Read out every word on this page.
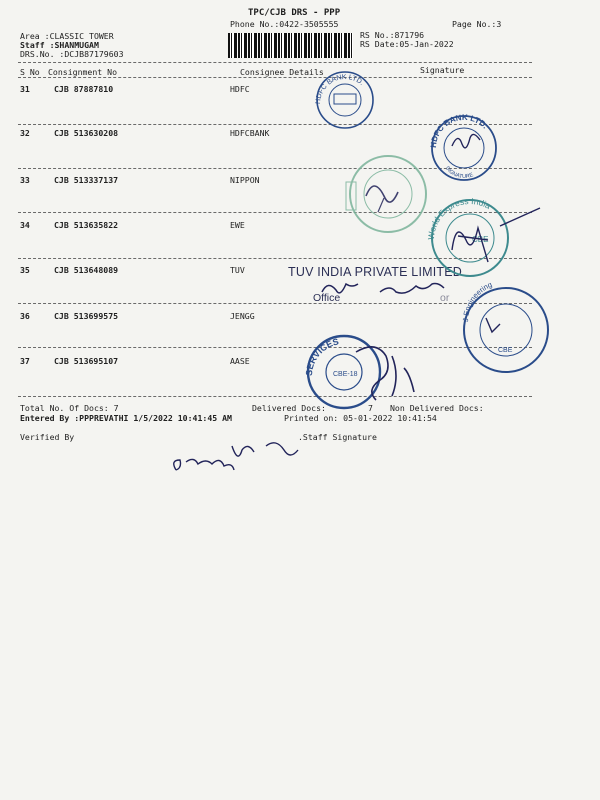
TPC/CJB DRS - PPP
Phone No.:0422-3505555	Page No.:3
Area :CLASSIC TOWER
Staff :SHANMUGAM
DRS.No. :DCJB87179603
RS No.:871796
RS Date:05-Jan-2022
S No Consignment No	Consignee Details	Signature
31	CJB 87887810	HDFC
32	CJB 513630208	HDFCBANK
33	CJB 513337137	NIPPON
34	CJB 513635822	EWE
35	CJB 513648089	TUV
36	CJB 513699575	JENGG
37	CJB 513695107	AASE
Total No. Of Docs: 7	Delivered Docs:	7 Non Delivered Docs:
Entered By :PPPREVATHI 1/5/2022 10:41:45 AM	Printed on: 05-01-2022 10:41:54
Verified By	.Staff Signature
TUV INDIA PRIVATE LIMITED
Office	or
HDFC BANK LTD.
HDFC BANK LTD.
SIGNATURE
World Express India
CBE
SERVICES
CBE-18
J Engineering
CBE
